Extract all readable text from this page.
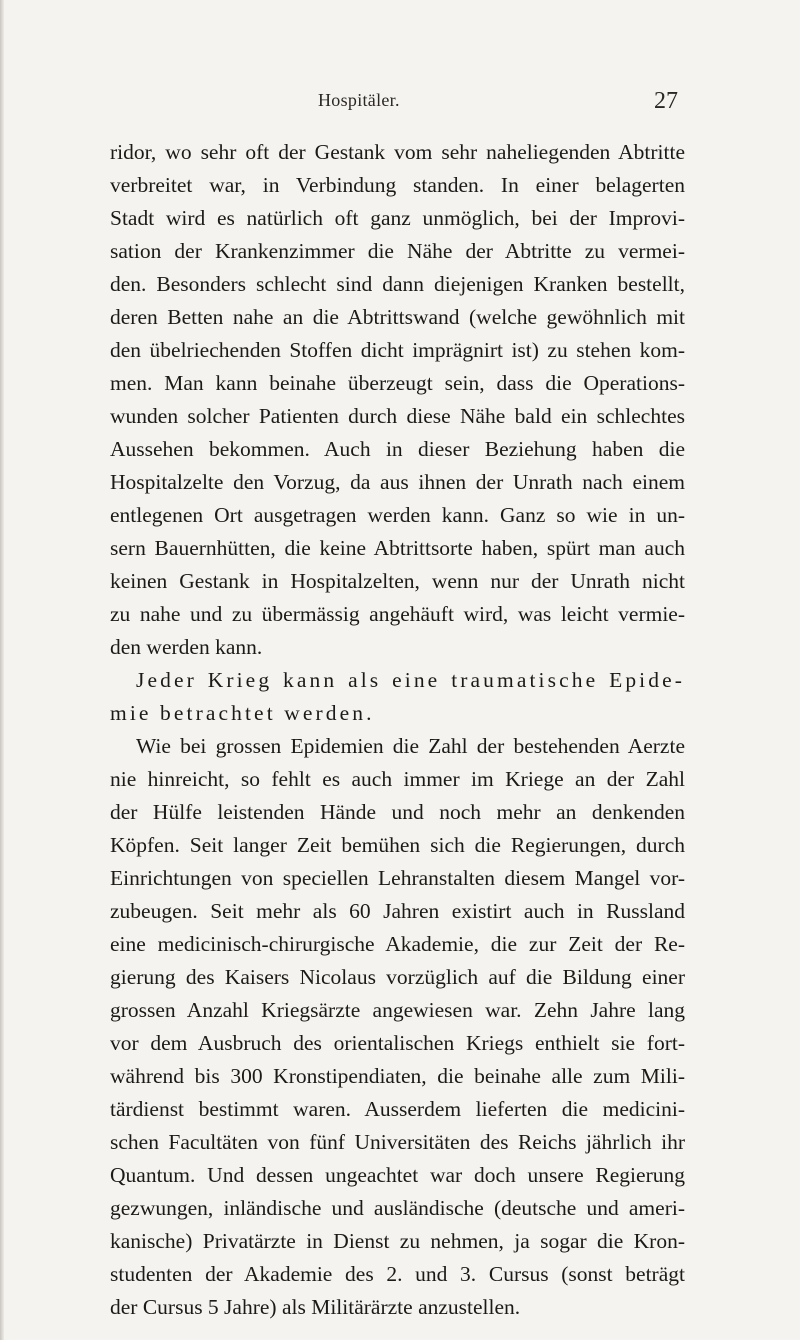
Hospitäler.	27
ridor, wo sehr oft der Gestank vom sehr naheliegenden Abtritte
verbreitet war, in Verbindung standen. In einer belagerten
Stadt wird es natürlich oft ganz unmöglich, bei der Improvi-
sation der Krankenzimmer die Nähe der Abtritte zu vermei-
den. Besonders schlecht sind dann diejenigen Kranken bestellt,
deren Betten nahe an die Abtrittswand (welche gewöhnlich mit
den übelriechenden Stoffen dicht imprägnirt ist) zu stehen kom-
men. Man kann beinahe überzeugt sein, dass die Operations-
wunden solcher Patienten durch diese Nähe bald ein schlechtes
Aussehen bekommen. Auch in dieser Beziehung haben die
Hospitalzelte den Vorzug, da aus ihnen der Unrath nach einem
entlegenen Ort ausgetragen werden kann. Ganz so wie in un-
sern Bauernhütten, die keine Abtrittsorte haben, spürt man auch
keinen Gestank in Hospitalzelten, wenn nur der Unrath nicht
zu nahe und zu übermässig angehäuft wird, was leicht vermie-
den werden kann.
Jeder Krieg kann als eine traumatische Epide-
mie betrachtet werden.
Wie bei grossen Epidemien die Zahl der bestehenden Aerzte
nie hinreicht, so fehlt es auch immer im Kriege an der Zahl
der Hülfe leistenden Hände und noch mehr an denkenden
Köpfen. Seit langer Zeit bemühen sich die Regierungen, durch
Einrichtungen von speciellen Lehranstalten diesem Mangel vor-
zubeugen. Seit mehr als 60 Jahren existirt auch in Russland
eine medicinisch-chirurgische Akademie, die zur Zeit der Re-
gierung des Kaisers Nicolaus vorzüglich auf die Bildung einer
grossen Anzahl Kriegsärzte angewiesen war. Zehn Jahre lang
vor dem Ausbruch des orientalischen Kriegs enthielt sie fort-
während bis 300 Kronstipendiaten, die beinahe alle zum Mili-
tärdienst bestimmt waren. Ausserdem lieferten die medicini-
schen Facultäten von fünf Universitäten des Reichs jährlich ihr
Quantum. Und dessen ungeachtet war doch unsere Regierung
gezwungen, inländische und ausländische (deutsche und ameri-
kanische) Privatärzte in Dienst zu nehmen, ja sogar die Kron-
studenten der Akademie des 2. und 3. Cursus (sonst beträgt
der Cursus 5 Jahre) als Militärärzte anzustellen.
